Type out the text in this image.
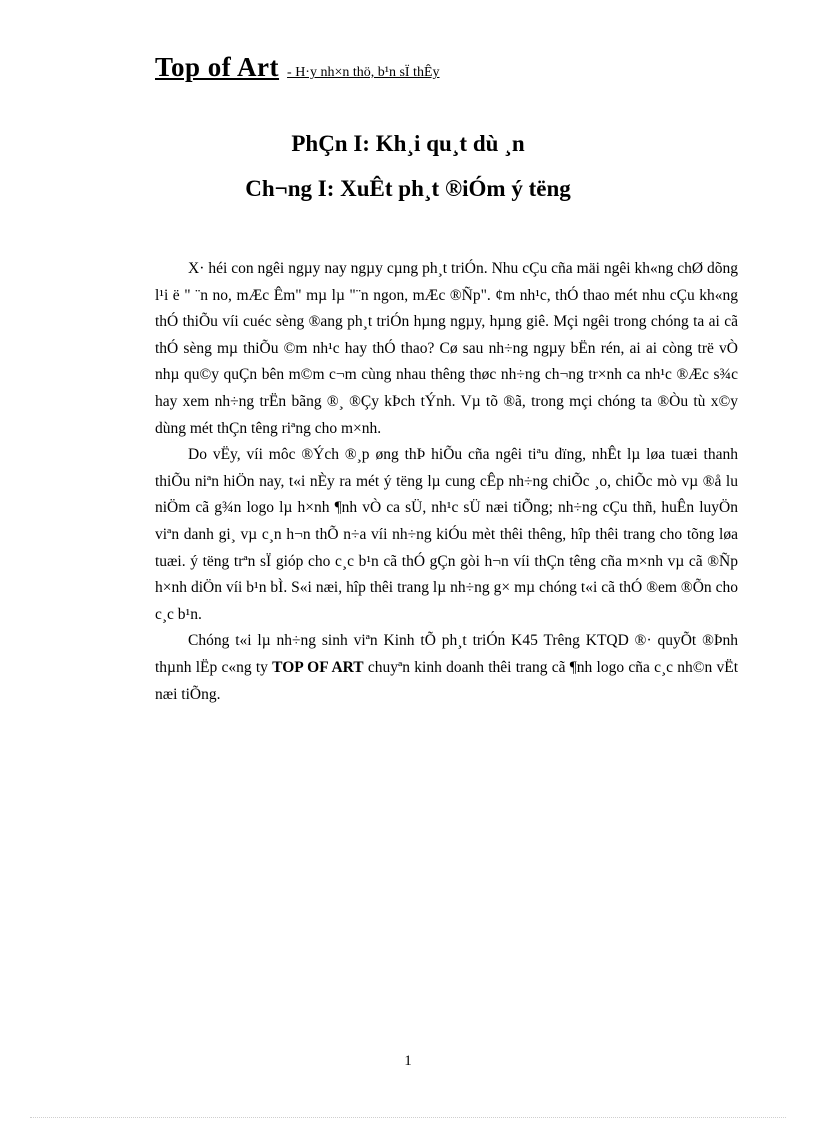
Top of Art - H·y nh×n thö, b¹n sÏ thÊy
PhÇn I: Kh¸i qu¸t dù ¸n
Ch¬ng I: XuÊt ph¸t ®iÓm ý tëng

X· héi con ngêi ngµy nay ngµy cµng ph¸t triÓn. Nhu cÇu cña mäi ngêi kh«ng chØ dõng l¹i ë " ¨n no, mÆc Êm" mµ lµ "¨n ngon, mÆc ®Ñp". ¢m nh¹c, thÓ thao mét nhu cÇu kh«ng thÓ thiÕu víi cuéc sèng ®ang ph¸t triÓn hµng ngµy, hµng giê. Mçi ngêi trong chóng ta ai cã thÓ sèng mµ thiÕu ©m nh¹c hay thÓ thao? Cø sau nh÷ng ngµy bËn rén, ai ai còng trë vÒ nhµ qu©y quÇn bên m©m c¬m cùng nhau thêng thøc nh÷ng ch¬ng tr×nh ca nh¹c ®Æc s¾c hay xem nh÷ng trËn bãng ®¸ ®Çy kÞch tÝnh. Vµ tõ ®ã, trong mçi chóng ta ®Òu tù x©y dùng mét thÇn têng riªng cho m×nh.

Do vËy, víi môc ®Ých ®¸p øng thÞ hiÕu cña ngêi tiªu dïng, nhÊt lµ løa tuæi thanh thiÕu niªn hiÖn nay, t«i nÈy ra mét ý tëng lµ cung cÊp nh÷ng chiÕc ¸o, chiÕc mò vµ ®å lu niÖm cã g¾n logo lµ h×nh ¶nh vÒ ca sÜ, nh¹c sÜ næi tiÕng; nh÷ng cÇu thñ, huÊn luyÖn viªn danh gi¸ vµ c¸n h¬n thÕ n÷a víi nh÷ng kiÓu mèt thêi thêng, hîp thêi trang cho tõng løa tuæi. ý tëng trªn sÏ gióp cho c¸c b¹n cã thÓ gÇn gòi h¬n víi thÇn têng cña m×nh vµ cã ®Ñp h×nh diÖn víi b¹n bÌ. S«i næi, hîp thêi trang lµ nh÷ng g× mµ chóng t«i cã thÓ ®em ®Õn cho c¸c b¹n.

Chóng t«i lµ nh÷ng sinh viªn Kinh tÕ ph¸t triÓn K45 Trêng KTQD ®· quyÕt ®Þnh thµnh lËp c«ng ty TOP OF ART chuyªn kinh doanh thêi trang cã ¶nh logo cña c¸c nh©n vËt næi tiÕng.

1
